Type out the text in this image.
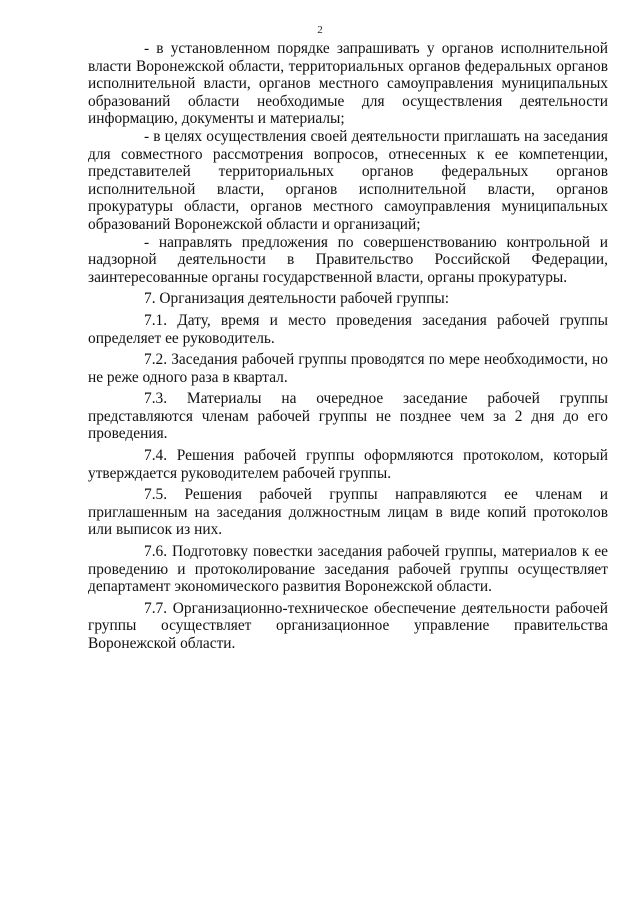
2

- в установленном порядке запрашивать у органов исполнительной власти Воронежской области, территориальных органов федеральных органов исполнительной власти, органов местного самоуправления муниципальных образований области необходимые для осуществления деятельности информацию, документы и материалы;

- в целях осуществления своей деятельности приглашать на заседания для совместного рассмотрения вопросов, отнесенных к ее компетенции, представителей территориальных органов федеральных органов исполнительной власти, органов исполнительной власти, органов прокуратуры области, органов местного самоуправления муниципальных образований Воронежской области и организаций;

- направлять предложения по совершенствованию контрольной и надзорной деятельности в Правительство Российской Федерации, заинтересованные органы государственной власти, органы прокуратуры.

7. Организация деятельности рабочей группы:

7.1. Дату, время и место проведения заседания рабочей группы определяет ее руководитель.

7.2. Заседания рабочей группы проводятся по мере необходимости, но не реже одного раза в квартал.

7.3. Материалы на очередное заседание рабочей группы представляются членам рабочей группы не позднее чем за 2 дня до его проведения.

7.4. Решения рабочей группы оформляются протоколом, который утверждается руководителем рабочей группы.

7.5. Решения рабочей группы направляются ее членам и приглашенным на заседания должностным лицам в виде копий протоколов или выписок из них.

7.6. Подготовку повестки заседания рабочей группы, материалов к ее проведению и протоколирование заседания рабочей группы осуществляет департамент экономического развития Воронежской области.

7.7. Организационно-техническое обеспечение деятельности рабочей группы осуществляет организационное управление правительства Воронежской области.
